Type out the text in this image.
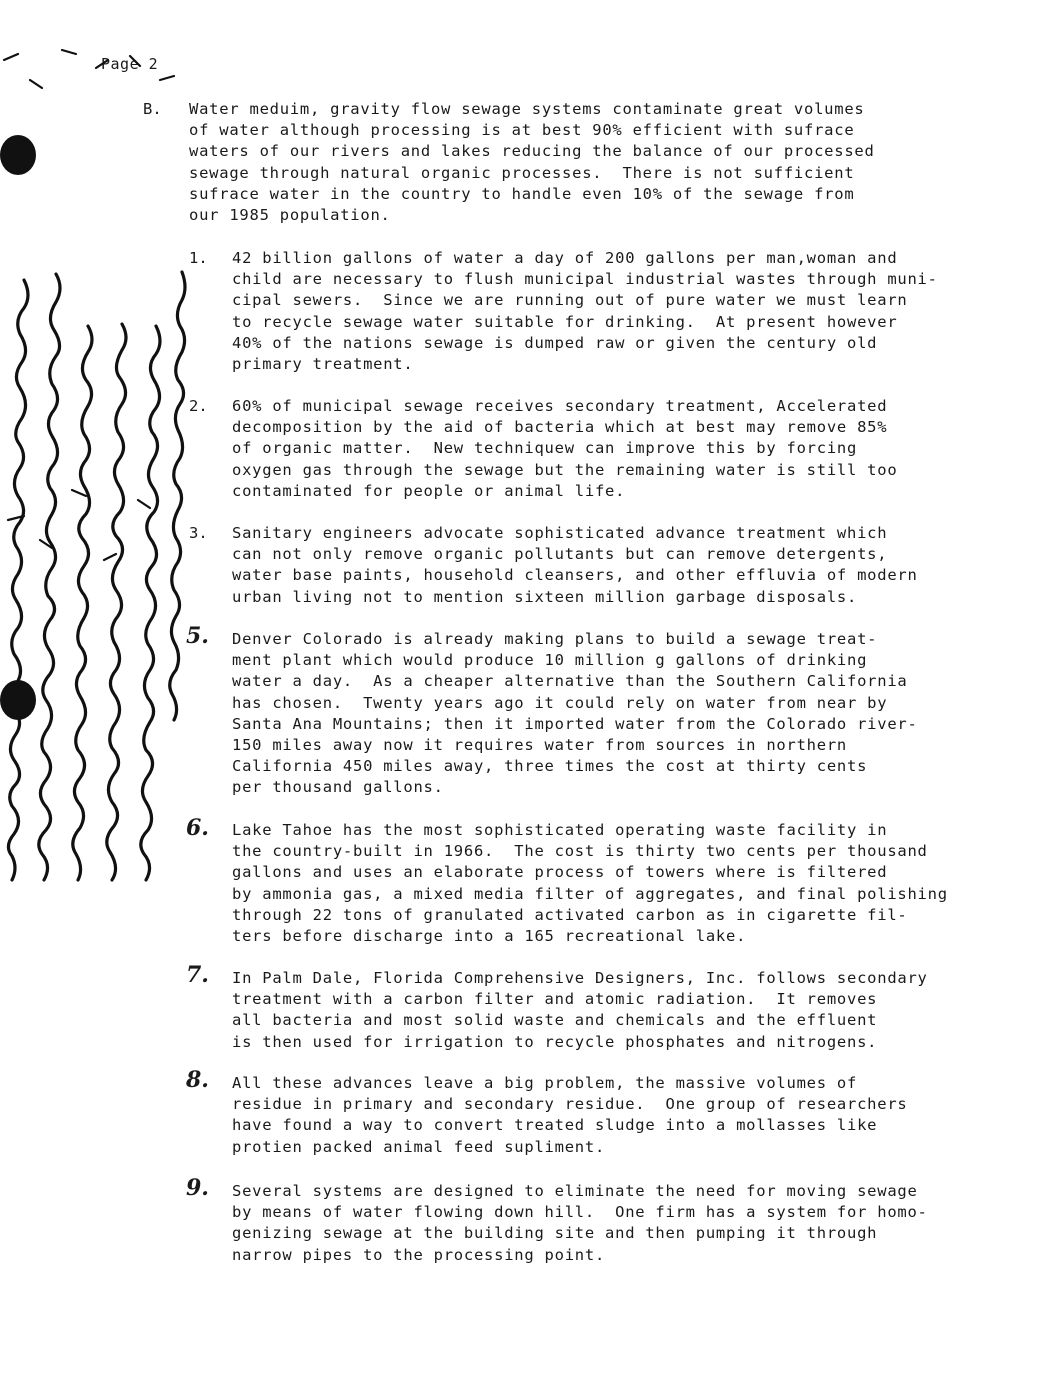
Page 2
B. Water meduim, gravity flow sewage systems contaminate great volumes
of water although processing is at best 90% efficient with sufrace
waters of our rivers and lakes reducing the balance of our processed
sewage through natural organic processes.  There is not sufficient
sufrace water in the country to handle even 10% of the sewage from
our 1985 population.
1. 42 billion gallons of water a day of 200 gallons per man,woman and
child are necessary to flush municipal industrial wastes through muni-
cipal sewers.  Since we are running out of pure water we must learn
to recycle sewage water suitable for drinking.  At present however
40% of the nations sewage is dumped raw or given the century old
primary treatment.
2. 60% of municipal sewage receives secondary treatment, Accelerated
decomposition by the aid of bacteria which at best may remove 85%
of organic matter.  New techniquew can improve this by forcing
oxygen gas through the sewage but the remaining water is still too
contaminated for people or animal life.
3. Sanitary engineers advocate sophisticated advance treatment which
can not only remove organic pollutants but can remove detergents,
water base paints, household cleansers, and other effluvia of modern
urban living not to mention sixteen million garbage disposals.
5. Denver Colorado is already making plans to build a sewage treat-
ment plant which would produce 10 million g gallons of drinking
water a day.  As a cheaper alternative than the Southern California
has chosen.  Twenty years ago it could rely on water from near by
Santa Ana Mountains; then it imported water from the Colorado river-
150 miles away now it requires water from sources in northern
California 450 miles away, three times the cost at thirty cents
per thousand gallons.
6. Lake Tahoe has the most sophisticated operating waste facility in
the country-built in 1966.  The cost is thirty two cents per thousand
gallons and uses an elaborate process of towers where is filtered
by ammonia gas, a mixed media filter of aggregates, and final polishing
through 22 tons of granulated activated carbon as in cigarette fil-
ters before discharge into a 165 recreational lake.
7. In Palm Dale, Florida Comprehensive Designers, Inc. follows secondary
treatment with a carbon filter and atomic radiation.  It removes
all bacteria and most solid waste and chemicals and the effluent
is then used for irrigation to recycle phosphates and nitrogens.
8. All these advances leave a big problem, the massive volumes of
residue in primary and secondary residue.  One group of researchers
have found a way to convert treated sludge into a mollasses like
protien packed animal feed supliment.
9. Several systems are designed to eliminate the need for moving sewage
by means of water flowing down hill.  One firm has a system for homo-
genizing sewage at the building site and then pumping it through
narrow pipes to the processing point.
